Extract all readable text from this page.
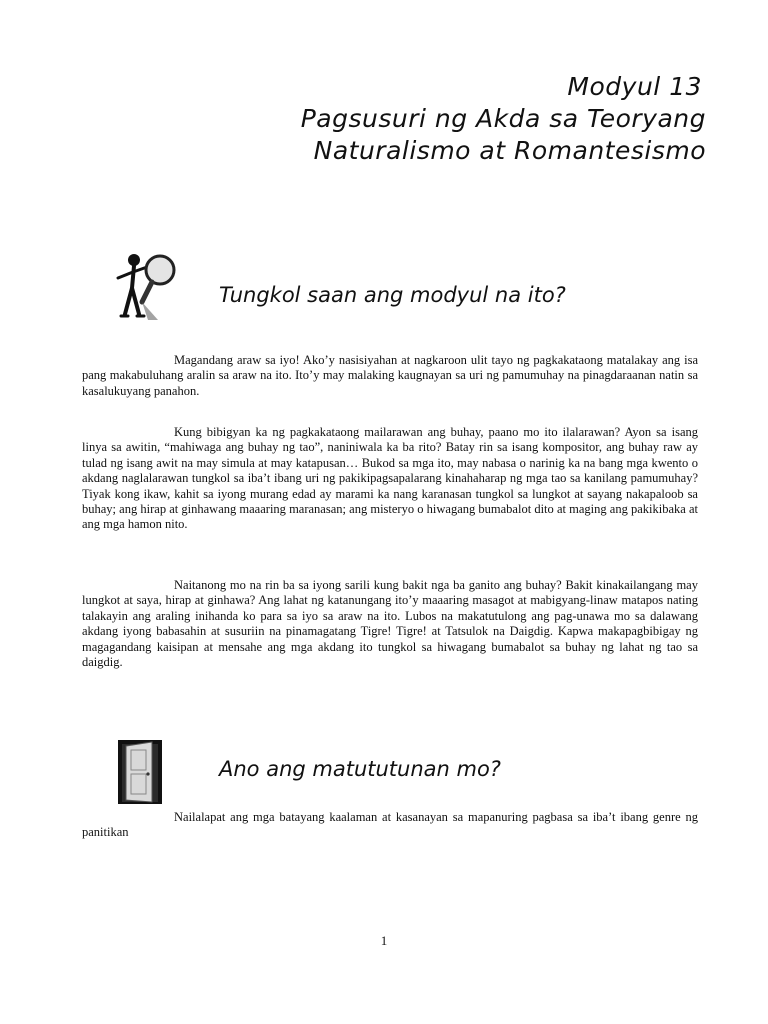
Modyul 13
Pagsusuri ng Akda sa Teoryang
Naturalismo at Romantesismo
Tungkol saan ang modyul na ito?

Magandang araw sa iyo! Ako’y nasisiyahan at nagkaroon ulit tayo ng pagkakataong matalakay ang isa pang makabuluhang aralin sa araw na ito. Ito’y may malaking kaugnayan sa uri ng pamumuhay na pinagdaraanan natin sa kasalukuyang panahon.

Kung bibigyan ka ng pagkakataong mailarawan ang buhay, paano mo ito ilalarawan? Ayon sa isang linya sa awitin, “mahiwaga ang buhay ng tao”, naniniwala ka ba rito? Batay rin sa isang kompositor, ang buhay raw ay tulad ng isang awit na may simula at may katapusan… Bukod sa mga ito, may nabasa o narinig ka na bang mga kwento o akdang naglalarawan tungkol sa iba’t ibang uri ng pakikipagsapalarang kinahaharap ng mga tao sa kanilang pamumuhay? Tiyak kong ikaw, kahit sa iyong murang edad ay marami ka nang karanasan tungkol sa lungkot at sayang nakapaloob sa buhay; ang hirap at ginhawang maaaring maranasan; ang misteryo o hiwagang bumabalot dito at maging ang pakikibaka at ang mga hamon nito.

Naitanong mo na rin ba sa iyong sarili kung bakit nga ba ganito ang buhay? Bakit kinakailangang may lungkot at saya, hirap at ginhawa? Ang lahat ng katanungang ito’y maaaring masagot at mabigyang-linaw matapos nating talakayin ang araling inihanda ko para sa iyo sa araw na ito. Lubos na makatutulong ang pag-unawa mo sa dalawang akdang iyong babasahin at susuriin na pinamagatang Tigre! Tigre! at Tatsulok na Daigdig. Kapwa makapagbibigay ng magagandang kaisipan at mensahe ang mga akdang ito tungkol sa hiwagang bumabalot sa buhay ng lahat ng tao sa daigdig.

Ano ang matututunan mo?

Nailalapat ang mga batayang kaalaman at kasanayan sa mapanuring pagbasa sa iba’t ibang genre ng panitikan

1
